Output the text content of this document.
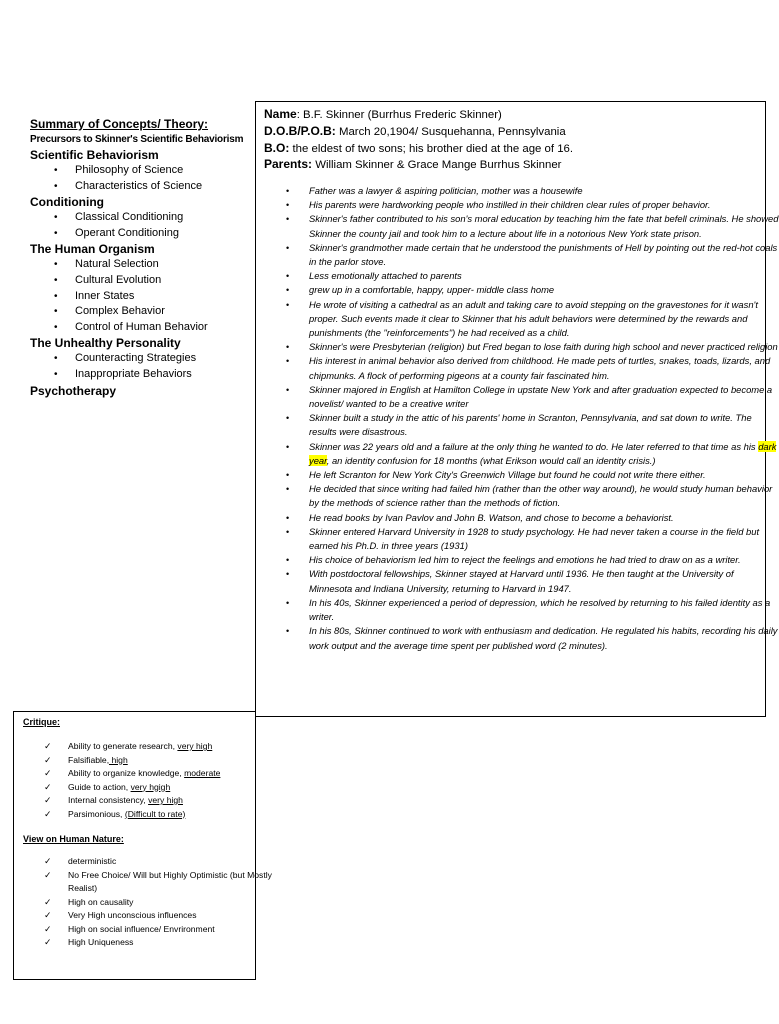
Summary of Concepts/ Theory:
Precursors to Skinner's Scientific Behaviorism
Scientific Behaviorism
• Philosophy of Science
• Characteristics of Science
Conditioning
• Classical Conditioning
• Operant Conditioning
The Human Organism
• Natural Selection
• Cultural Evolution
• Inner States
• Complex Behavior
• Control of Human Behavior
The Unhealthy Personality
• Counteracting Strategies
• Inappropriate Behaviors
Psychotherapy
Name: B.F. Skinner (Burrhus Frederic Skinner)
D.O.B/P.O.B: March 20,1904/ Susquehanna, Pennsylvania
B.O: the eldest of two sons; his brother died at the age of 16.
Parents: William Skinner & Grace Mange Burrhus Skinner
• Father was a lawyer & aspiring politician, mother was a housewife
• His parents were hardworking people who instilled in their children clear rules of proper behavior.
• Skinner's father contributed to his son's moral education by teaching him the fate that befell criminals. He showed Skinner the county jail and took him to a lecture about life in a notorious New York state prison.
• Skinner's grandmother made certain that he understood the punishments of Hell by pointing out the red-hot coals in the parlor stove.
• Less emotionally attached to parents
• grew up in a comfortable, happy, upper- middle class home
• He wrote of visiting a cathedral as an adult and taking care to avoid stepping on the gravestones for it wasn't proper. Such events made it clear to Skinner that his adult behaviors were determined by the rewards and punishments (the "reinforcements") he had received as a child.
• Skinner's were Presbyterian (religion) but Fred began to lose faith during high school and never practiced religion
• His interest in animal behavior also derived from childhood. He made pets of turtles, snakes, toads, lizards, and chipmunks. A flock of performing pigeons at a county fair fascinated him.
• Skinner majored in English at Hamilton College in upstate New York and after graduation expected to become a novelist/ wanted to be a creative writer
• Skinner built a study in the attic of his parents' home in Scranton, Pennsylvania, and sat down to write. The results were disastrous.
• Skinner was 22 years old and a failure at the only thing he wanted to do. He later referred to that time as his dark year, an identity confusion for 18 months (what Erikson would call an identity crisis.)
• He left Scranton for New York City's Greenwich Village but found he could not write there either.
• He decided that since writing had failed him (rather than the other way around), he would study human behavior by the methods of science rather than the methods of fiction.
• He read books by Ivan Pavlov and John B. Watson, and chose to become a behaviorist.
• Skinner entered Harvard University in 1928 to study psychology. He had never taken a course in the field but earned his Ph.D. in three years (1931)
• His choice of behaviorism led him to reject the feelings and emotions he had tried to draw on as a writer.
• With postdoctoral fellowships, Skinner stayed at Harvard until 1936. He then taught at the University of Minnesota and Indiana University, returning to Harvard in 1947.
• In his 40s, Skinner experienced a period of depression, which he resolved by returning to his failed identity as a writer.
• In his 80s, Skinner continued to work with enthusiasm and dedication. He regulated his habits, recording his daily work output and the average time spent per published word (2 minutes).
Critique:
✓ Ability to generate research, very high
✓ Falsifiable, high
✓ Ability to organize knowledge, moderate
✓ Guide to action, very hgigh
✓ Internal consistency, very high
✓ Parsimonious, (Difficult to rate)
View on Human Nature:
✓ deterministic
✓ No Free Choice/ Will but Highly Optimistic (but Mostly Realist)
✓ High on causality
✓ Very High unconscious influences
✓ High on social influence/ Envrironment
✓ High Uniqueness
